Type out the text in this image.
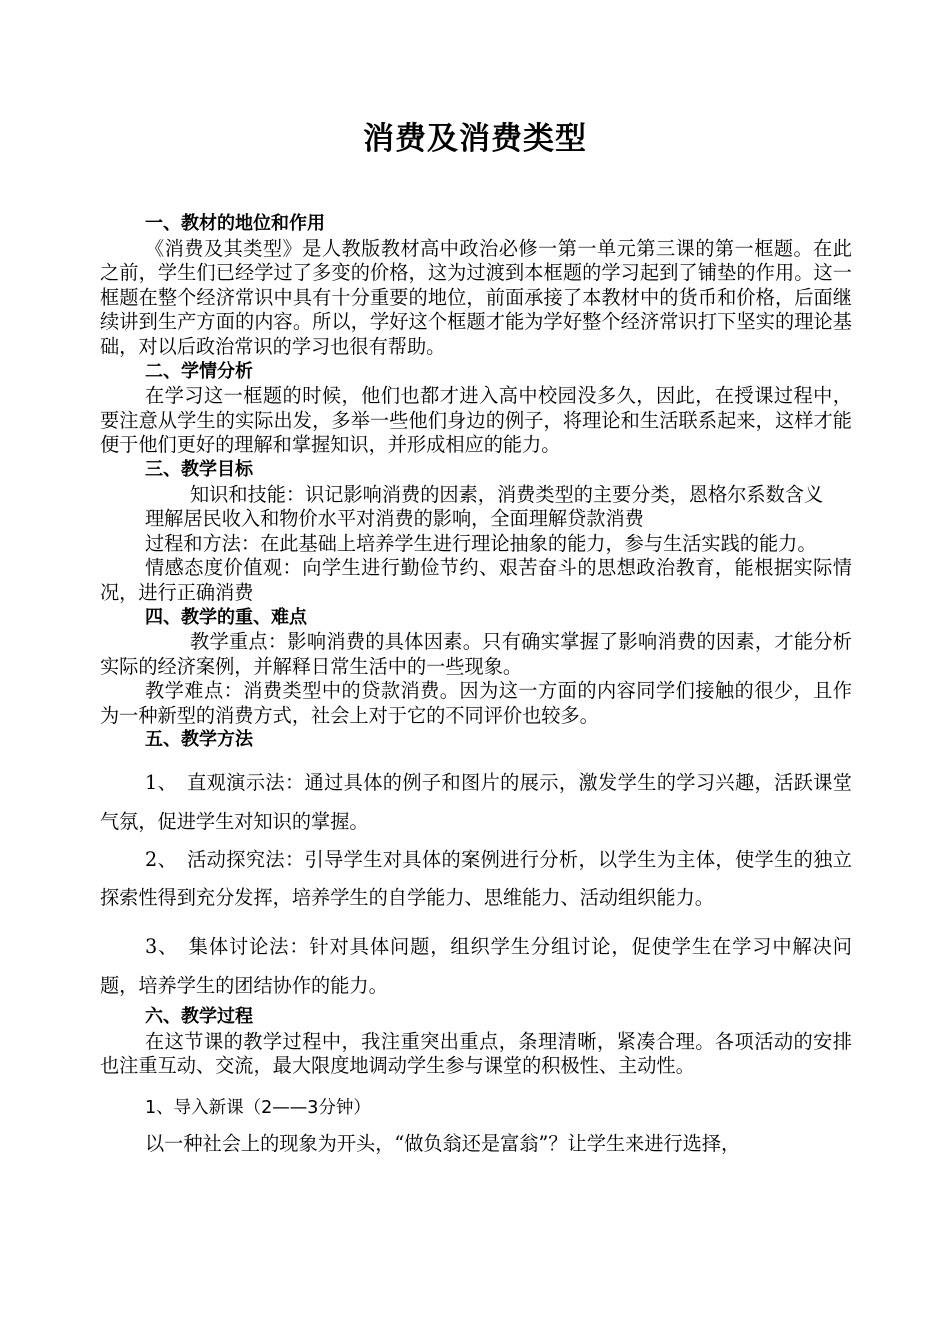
消费及消费类型
一、教材的地位和作用
《消费及其类型》是人教版教材高中政治必修一第一单元第三课的第一框题。在此之前，学生们已经学过了多变的价格，这为过渡到本框题的学习起到了铺垫的作用。这一框题在整个经济常识中具有十分重要的地位，前面承接了本教材中的货币和价格，后面继续讲到生产方面的内容。所以，学好这个框题才能为学好整个经济常识打下坚实的理论基础，对以后政治常识的学习也很有帮助。
二、学情分析
在学习这一框题的时候，他们也都才进入高中校园没多久，因此，在授课过程中，要注意从学生的实际出发，多举一些他们身边的例子，将理论和生活联系起来，这样才能便于他们更好的理解和掌握知识，并形成相应的能力。
三、教学目标
知识和技能：识记影响消费的因素，消费类型的主要分类，恩格尔系数含义
理解居民收入和物价水平对消费的影响，全面理解贷款消费
过程和方法：在此基础上培养学生进行理论抽象的能力，参与生活实践的能力。
情感态度价值观：向学生进行勤俭节约、艰苦奋斗的思想政治教育，能根据实际情况，进行正确消费
四、教学的重、难点
教学重点：影响消费的具体因素。只有确实掌握了影响消费的因素，才能分析实际的经济案例，并解释日常生活中的一些现象。
教学难点：消费类型中的贷款消费。因为这一方面的内容同学们接触的很少，且作为一种新型的消费方式，社会上对于它的不同评价也较多。
五、教学方法
1、　直观演示法：通过具体的例子和图片的展示，激发学生的学习兴趣，活跃课堂气氛，促进学生对知识的掌握。
2、　活动探究法：引导学生对具体的案例进行分析，以学生为主体，使学生的独立探索性得到充分发挥，培养学生的自学能力、思维能力、活动组织能力。
3、　集体讨论法：针对具体问题，组织学生分组讨论，促使学生在学习中解决问题，培养学生的团结协作的能力。
六、教学过程
在这节课的教学过程中，我注重突出重点，条理清晰，紧凑合理。各项活动的安排也注重互动、交流，最大限度地调动学生参与课堂的积极性、主动性。
1、导入新课（2——3分钟）
以一种社会上的现象为开头，“做负翁还是富翁”？让学生来进行选择，
